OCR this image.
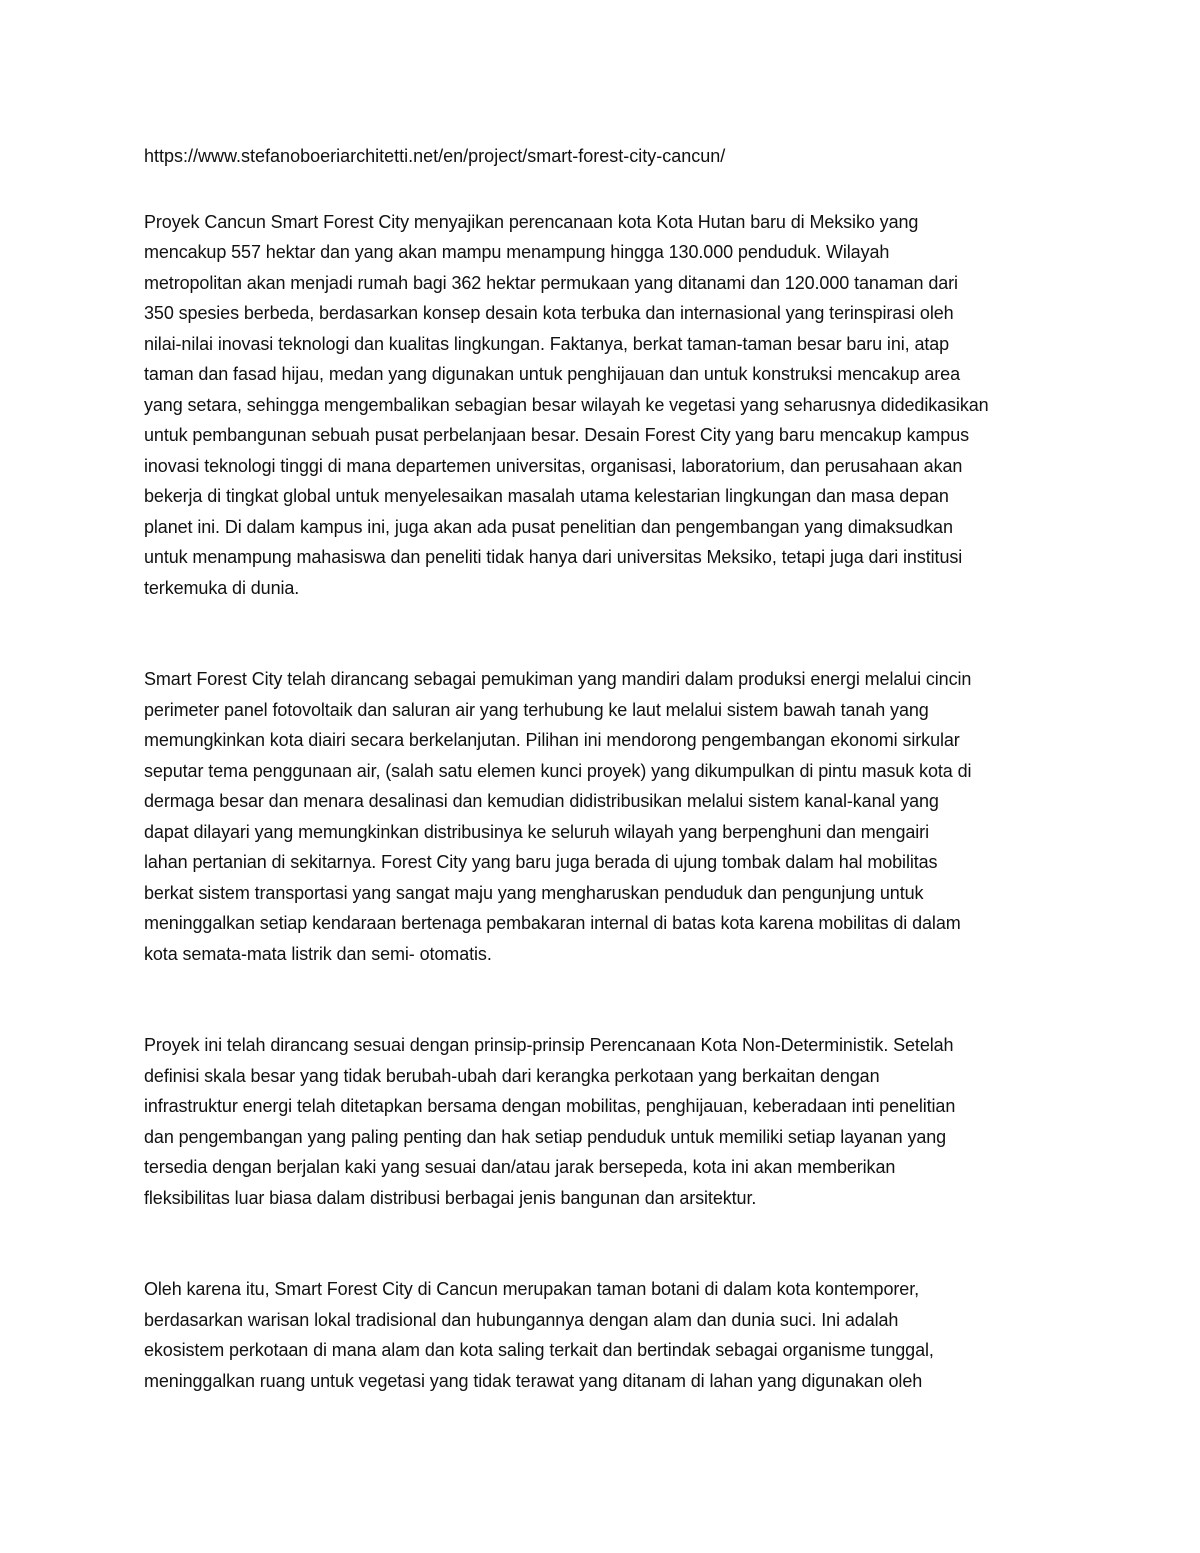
https://www.stefanoboeriarchitetti.net/en/project/smart-forest-city-cancun/
Proyek Cancun Smart Forest City menyajikan perencanaan kota Kota Hutan baru di Meksiko yang
mencakup 557 hektar dan yang akan mampu menampung hingga 130.000 penduduk. Wilayah
metropolitan akan menjadi rumah bagi 362 hektar permukaan yang ditanami dan 120.000 tanaman dari
350 spesies berbeda, berdasarkan konsep desain kota terbuka dan internasional yang terinspirasi oleh
nilai-nilai inovasi teknologi dan kualitas lingkungan. Faktanya, berkat taman-taman besar baru ini, atap
taman dan fasad hijau, medan yang digunakan untuk penghijauan dan untuk konstruksi mencakup area
yang setara, sehingga mengembalikan sebagian besar wilayah ke vegetasi yang seharusnya didedikasikan
untuk pembangunan sebuah pusat perbelanjaan besar. Desain Forest City yang baru mencakup kampus
inovasi teknologi tinggi di mana departemen universitas, organisasi, laboratorium, dan perusahaan akan
bekerja di tingkat global untuk menyelesaikan masalah utama kelestarian lingkungan dan masa depan
planet ini. Di dalam kampus ini, juga akan ada pusat penelitian dan pengembangan yang dimaksudkan
untuk menampung mahasiswa dan peneliti tidak hanya dari universitas Meksiko, tetapi juga dari institusi
terkemuka di dunia.
Smart Forest City telah dirancang sebagai pemukiman yang mandiri dalam produksi energi melalui cincin
perimeter panel fotovoltaik dan saluran air yang terhubung ke laut melalui sistem bawah tanah yang
memungkinkan kota diairi secara berkelanjutan. Pilihan ini mendorong pengembangan ekonomi sirkular
seputar tema penggunaan air, (salah satu elemen kunci proyek) yang dikumpulkan di pintu masuk kota di
dermaga besar dan menara desalinasi dan kemudian didistribusikan melalui sistem kanal-kanal yang
dapat dilayari yang memungkinkan distribusinya ke seluruh wilayah yang berpenghuni dan mengairi
lahan pertanian di sekitarnya. Forest City yang baru juga berada di ujung tombak dalam hal mobilitas
berkat sistem transportasi yang sangat maju yang mengharuskan penduduk dan pengunjung untuk
meninggalkan setiap kendaraan bertenaga pembakaran internal di batas kota karena mobilitas di dalam
kota semata-mata listrik dan semi- otomatis.
Proyek ini telah dirancang sesuai dengan prinsip-prinsip Perencanaan Kota Non-Deterministik. Setelah
definisi skala besar yang tidak berubah-ubah dari kerangka perkotaan yang berkaitan dengan
infrastruktur energi telah ditetapkan bersama dengan mobilitas, penghijauan, keberadaan inti penelitian
dan pengembangan yang paling penting dan hak setiap penduduk untuk memiliki setiap layanan yang
tersedia dengan berjalan kaki yang sesuai dan/atau jarak bersepeda, kota ini akan memberikan
fleksibilitas luar biasa dalam distribusi berbagai jenis bangunan dan arsitektur.
Oleh karena itu, Smart Forest City di Cancun merupakan taman botani di dalam kota kontemporer,
berdasarkan warisan lokal tradisional dan hubungannya dengan alam dan dunia suci. Ini adalah
ekosistem perkotaan di mana alam dan kota saling terkait dan bertindak sebagai organisme tunggal,
meninggalkan ruang untuk vegetasi yang tidak terawat yang ditanam di lahan yang digunakan oleh
